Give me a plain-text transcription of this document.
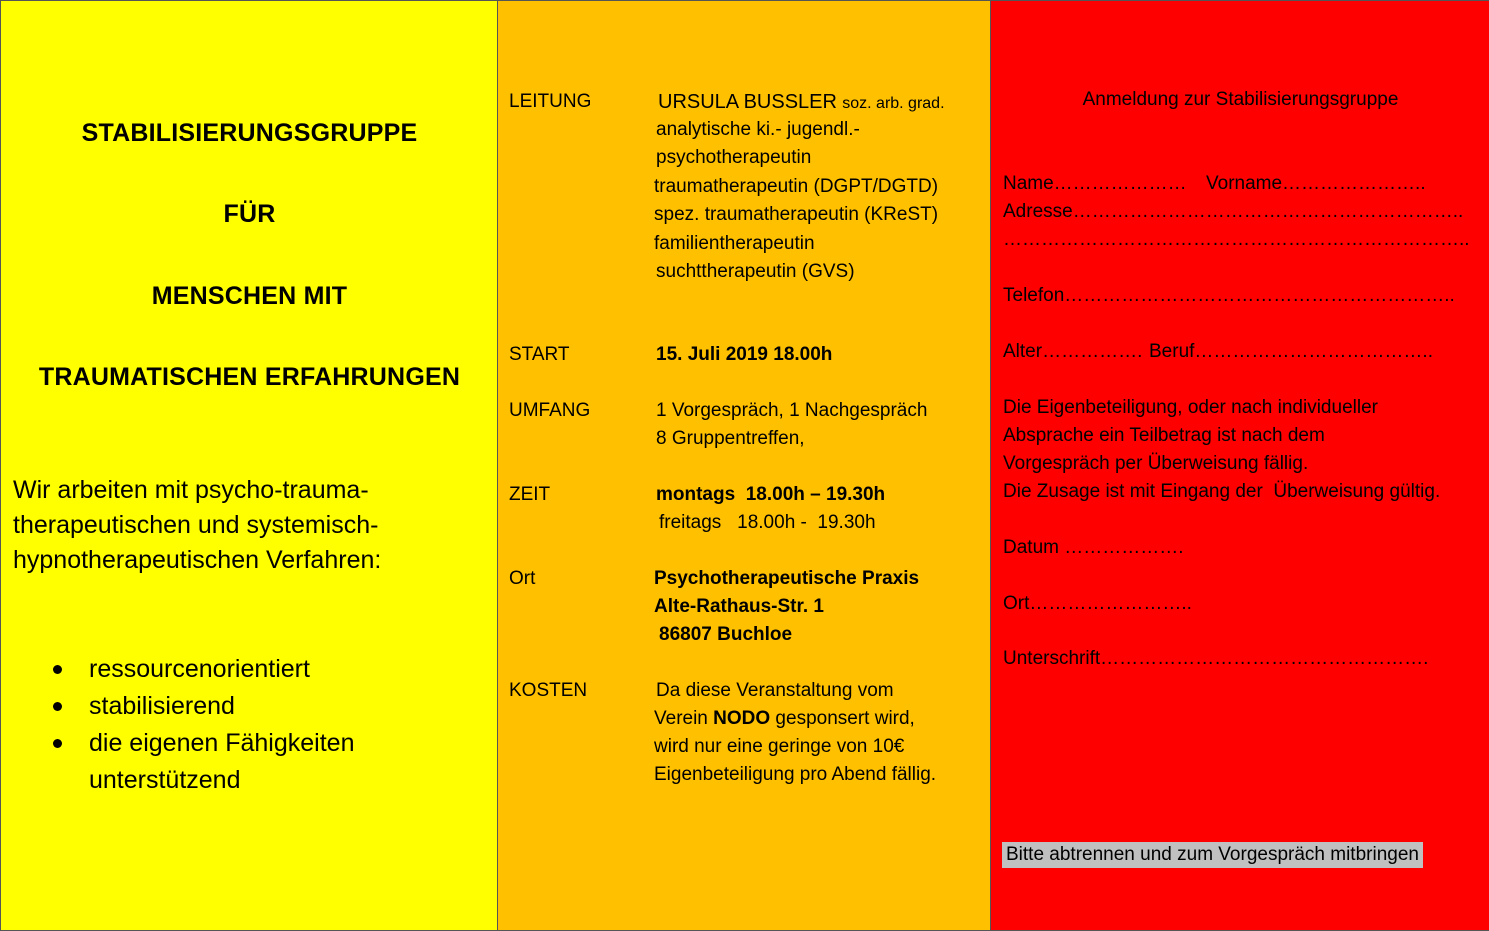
STABILISIERUNGSGRUPPE
FÜR
MENSCHEN MIT
TRAUMATISCHEN ERFAHRUNGEN
Wir arbeiten mit psycho-trauma-therapeutischen und systemisch-hypnotherapeutischen Verfahren:
ressourcenorientiert
stabilisierend
die eigenen Fähigkeiten unterstützend
LEITUNG	URSULA BUSSLER soz. arb. grad.
analytische ki.- jugendl.-
psychotherapeutin
traumatherapeutin (DGPT/DGTD)
spez. traumatherapeutin (KReST)
familientherapeutin
suchttherapeutin (GVS)
START	15. Juli 2019 18.00h
UMFANG	1 Vorgespräch, 1 Nachgespräch
8 Gruppentreffen,
ZEIT	montags  18.00h – 19.30h
freitags   18.00h -  19.30h
Ort	Psychotherapeutische Praxis
Alte-Rathaus-Str. 1
86807 Buchloe
KOSTEN	Da diese Veranstaltung vom
Verein NODO gesponsert wird,
wird nur eine geringe von 10€
Eigenbeteiligung pro Abend fällig.
Anmeldung zur Stabilisierungsgruppe
Name………………… Vorname…………………..
Adresse……………………………………………………..
………………………………………………………………..
Telefon……………………………………………………..
Alter……………. Beruf………………………………..
Die Eigenbeteiligung, oder nach individueller
Absprache ein Teilbetrag ist nach dem
Vorgespräch per Überweisung fällig.
Die Zusage ist mit Eingang der  Überweisung gültig.
Datum ……………….
Ort……………………..
Unterschrift…………………………………………….
Bitte abtrennen und zum Vorgespräch mitbringen
